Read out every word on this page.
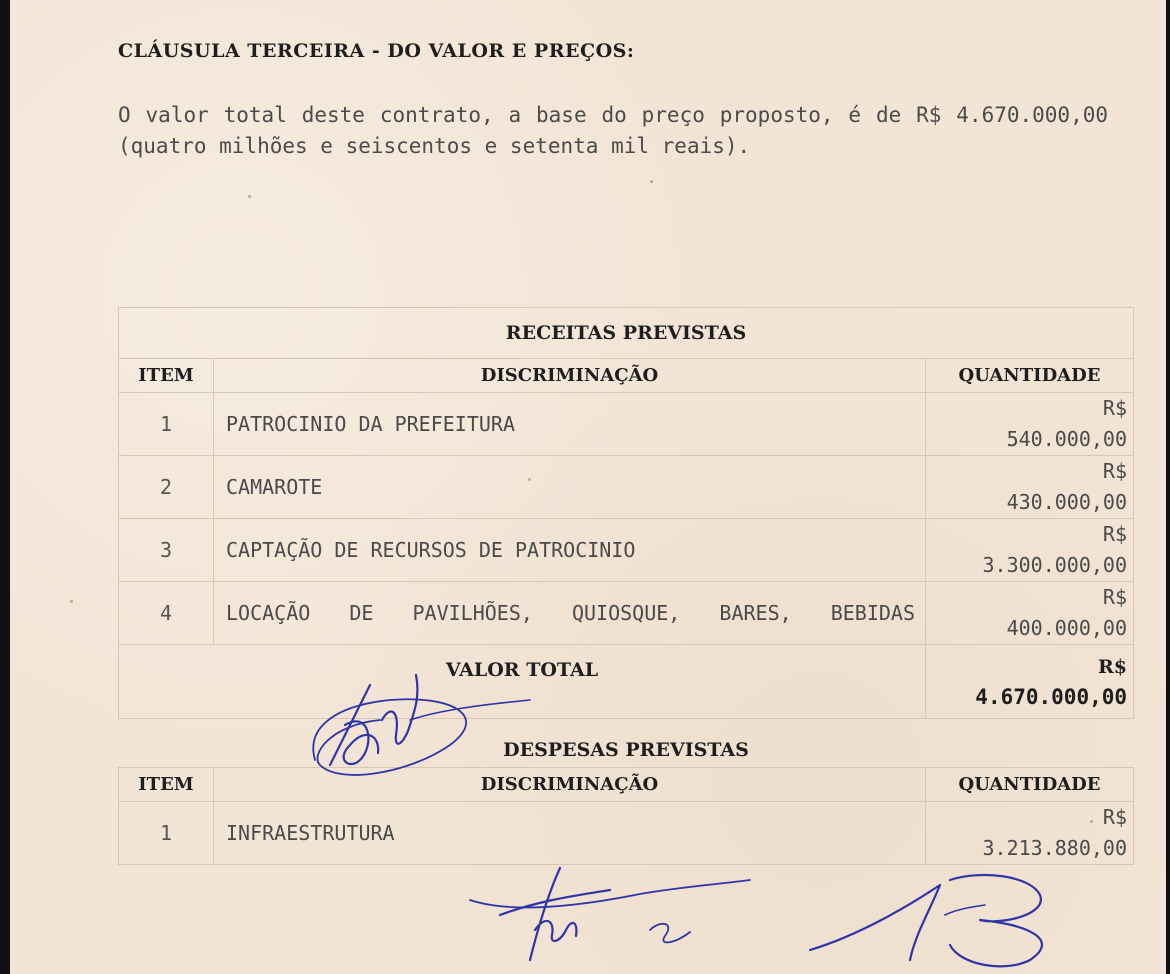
CLÁUSULA TERCEIRA - DO VALOR E PREÇOS:

O valor total deste contrato, a base do preço proposto, é de R$ 4.670.000,00 (quatro milhões e seiscentos e setenta mil reais).

RECEITAS PREVISTAS		
ITEM	DISCRIMINAÇÃO	QUANTIDADE
1	PATROCINIO DA PREFEITURA	R$
540.000,00
2	CAMAROTE	R$
430.000,00
3	CAPTAÇÃO DE RECURSOS DE PATROCINIO	R$
3.300.000,00
4	LOCAÇÃO DE PAVILHÕES, QUIOSQUE, BARES, BEBIDAS	R$
400.000,00
VALOR TOTAL		R$
4.670.000,00
DESPESAS PREVISTAS		
ITEM	DISCRIMINAÇÃO	QUANTIDADE
1	INFRAESTRUTURA	R$
3.213.880,00
